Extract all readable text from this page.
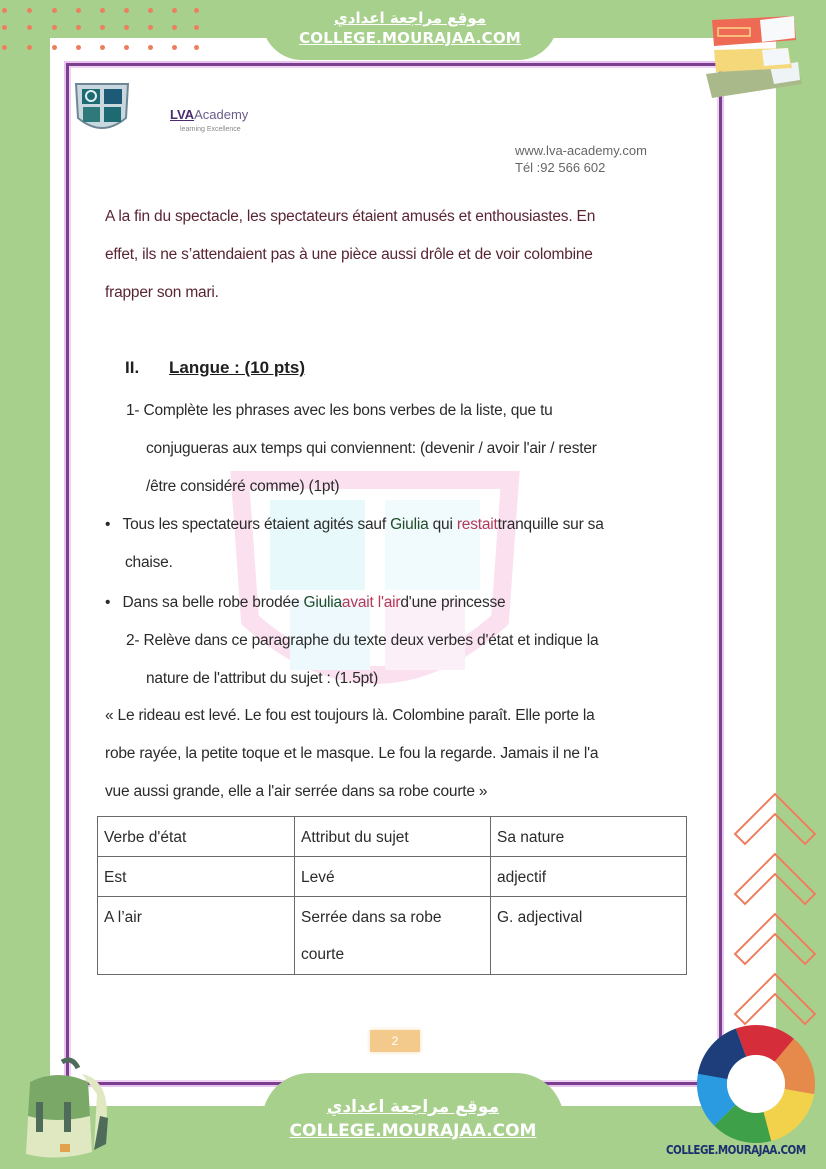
موقع مراجعة اعدادي
COLLEGE.MOURAJAA.COM
LVAAcademy
learning Excellence
www.lva-academy.com
Tél :92 566 602
A la fin du spectacle, les spectateurs étaient amusés et enthousiastes. En
effet, ils ne s’attendaient pas à une pièce aussi drôle et de voir colombine
frapper son mari.
II. Langue : (10 pts)
1- Complète les phrases avec les bons verbes de la liste, que tu
conjugueras aux temps qui conviennent: (devenir / avoir l'air / rester
/être considéré comme) (1pt)
•   Tous les spectateurs étaient agités sauf Giulia qui restaittranquille sur sa
chaise.
•   Dans sa belle robe brodée Giuliaavait l'aird'une princesse
2- Relève dans ce paragraphe du texte deux verbes d'état et indique la
nature de l'attribut du sujet : (1.5pt)
« Le rideau est levé. Le fou est toujours là. Colombine paraît. Elle porte la
robe rayée, la petite toque et le masque. Le fou la regarde. Jamais il ne l'a
vue aussi grande, elle a l'air serrée dans sa robe courte »
Verbe d'état	Attribut du sujet	Sa nature
Est	Levé	adjectif
A l’air	Serrée dans sa robe courte	G. adjectival
2
موقع مراجعة اعدادي
COLLEGE.MOURAJAA.COM
COLLEGE.MOURAJAA.COM
